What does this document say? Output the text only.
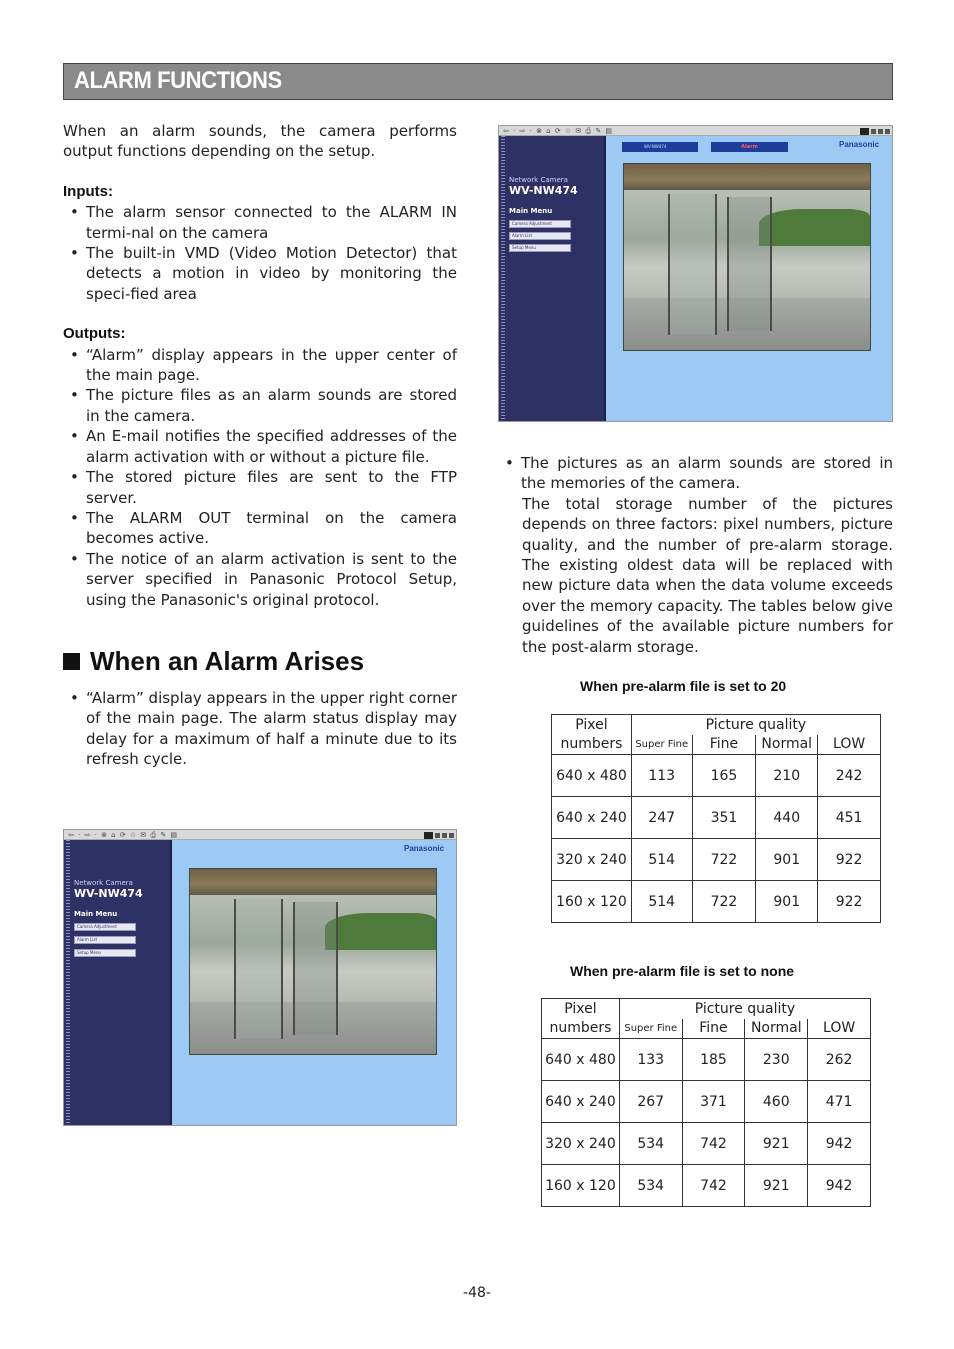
ALARM FUNCTIONS

When an alarm sounds, the camera performs output functions depending on the setup.

Inputs:

• The alarm sensor connected to the ALARM IN termi-nal on the camera
• The built-in VMD (Video Motion Detector) that detects a motion in video by monitoring the speci-fied area

Outputs:

• “Alarm” display appears in the upper center of the main page.
• The picture files as an alarm sounds are stored in the camera.
• An E-mail notifies the specified addresses of the alarm activation with or without a picture file.
• The stored picture files are sent to the FTP server.
• The ALARM OUT terminal on the camera becomes active.
• The notice of an alarm activation is sent to the server specified in Panasonic Protocol Setup, using the Panasonic's original protocol.
When an Alarm Arises
• “Alarm” display appears in the upper right corner of the main page. The alarm status display may delay for a maximum of half a minute due to its refresh cycle.
• The pictures as an alarm sounds are stored in the memories of the camera.

The total storage number of the pictures depends on three factors: pixel numbers, picture quality, and the number of pre-alarm storage. The existing oldest data will be replaced with new picture data when the data volume exceeds over the memory capacity. The tables below give guidelines of the available picture numbers for the post-alarm storage.

⇦ · ⇨ · ⊗ ⌂ ⟳ ☆ ✉ ⎙ ✎ ▤
Network Camera
WV-NW474
Main Menu
Camera Adjustment
Alarm List
Setup Menu
WV-NW474	Alarm	Panasonic
⇦ · ⇨ · ⊗ ⌂ ⟳ ☆ ✉ ⎙ ✎ ▤
Network Camera
WV-NW474
Main Menu
Camera Adjustment
Alarm List
Setup Menu
Panasonic
When pre-alarm file is set to 20
Pixel numbers	Picture quality			
	Super Fine	Fine	Normal	LOW
640 x 480	113	165	210	242
640 x 240	247	351	440	451
320 x 240	514	722	901	922
160 x 120	514	722	901	922
When pre-alarm file is set to none
Pixel numbers	Picture quality			
	Super Fine	Fine	Normal	LOW
640 x 480	133	185	230	262
640 x 240	267	371	460	471
320 x 240	534	742	921	942
160 x 120	534	742	921	942
-48-
